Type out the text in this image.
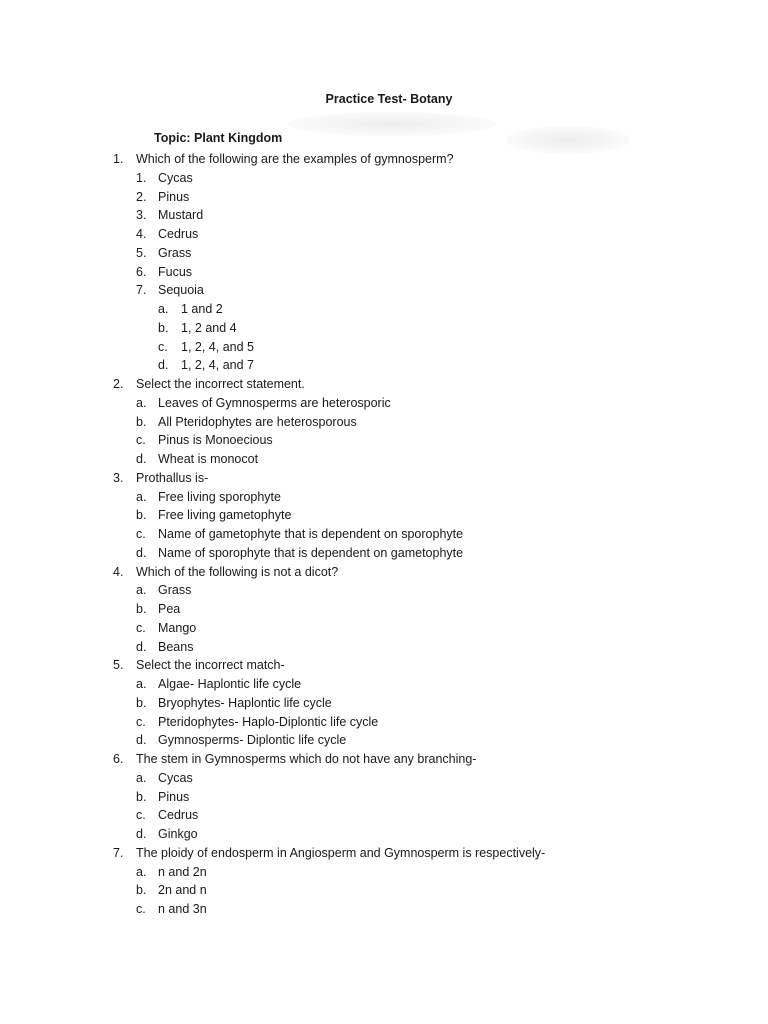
Practice Test- Botany
Topic: Plant Kingdom
1. Which of the following are the examples of gymnosperm?
1. Cycas
2. Pinus
3. Mustard
4. Cedrus
5. Grass
6. Fucus
7. Sequoia
a. 1 and 2
b. 1, 2 and 4
c. 1, 2, 4, and 5
d. 1, 2, 4, and 7
2. Select the incorrect statement.
a. Leaves of Gymnosperms are heterosporic
b. All Pteridophytes are heterosporous
c. Pinus is Monoecious
d. Wheat is monocot
3. Prothallus is-
a. Free living sporophyte
b. Free living gametophyte
c. Name of gametophyte that is dependent on sporophyte
d. Name of sporophyte that is dependent on gametophyte
4. Which of the following is not a dicot?
a. Grass
b. Pea
c. Mango
d. Beans
5. Select the incorrect match-
a. Algae- Haplontic life cycle
b. Bryophytes- Haplontic life cycle
c. Pteridophytes- Haplo-Diplontic life cycle
d. Gymnosperms- Diplontic life cycle
6. The stem in Gymnosperms which do not have any branching-
a. Cycas
b. Pinus
c. Cedrus
d. Ginkgo
7. The ploidy of endosperm in Angiosperm and Gymnosperm is respectively-
a. n and 2n
b. 2n and n
c. n and 3n
